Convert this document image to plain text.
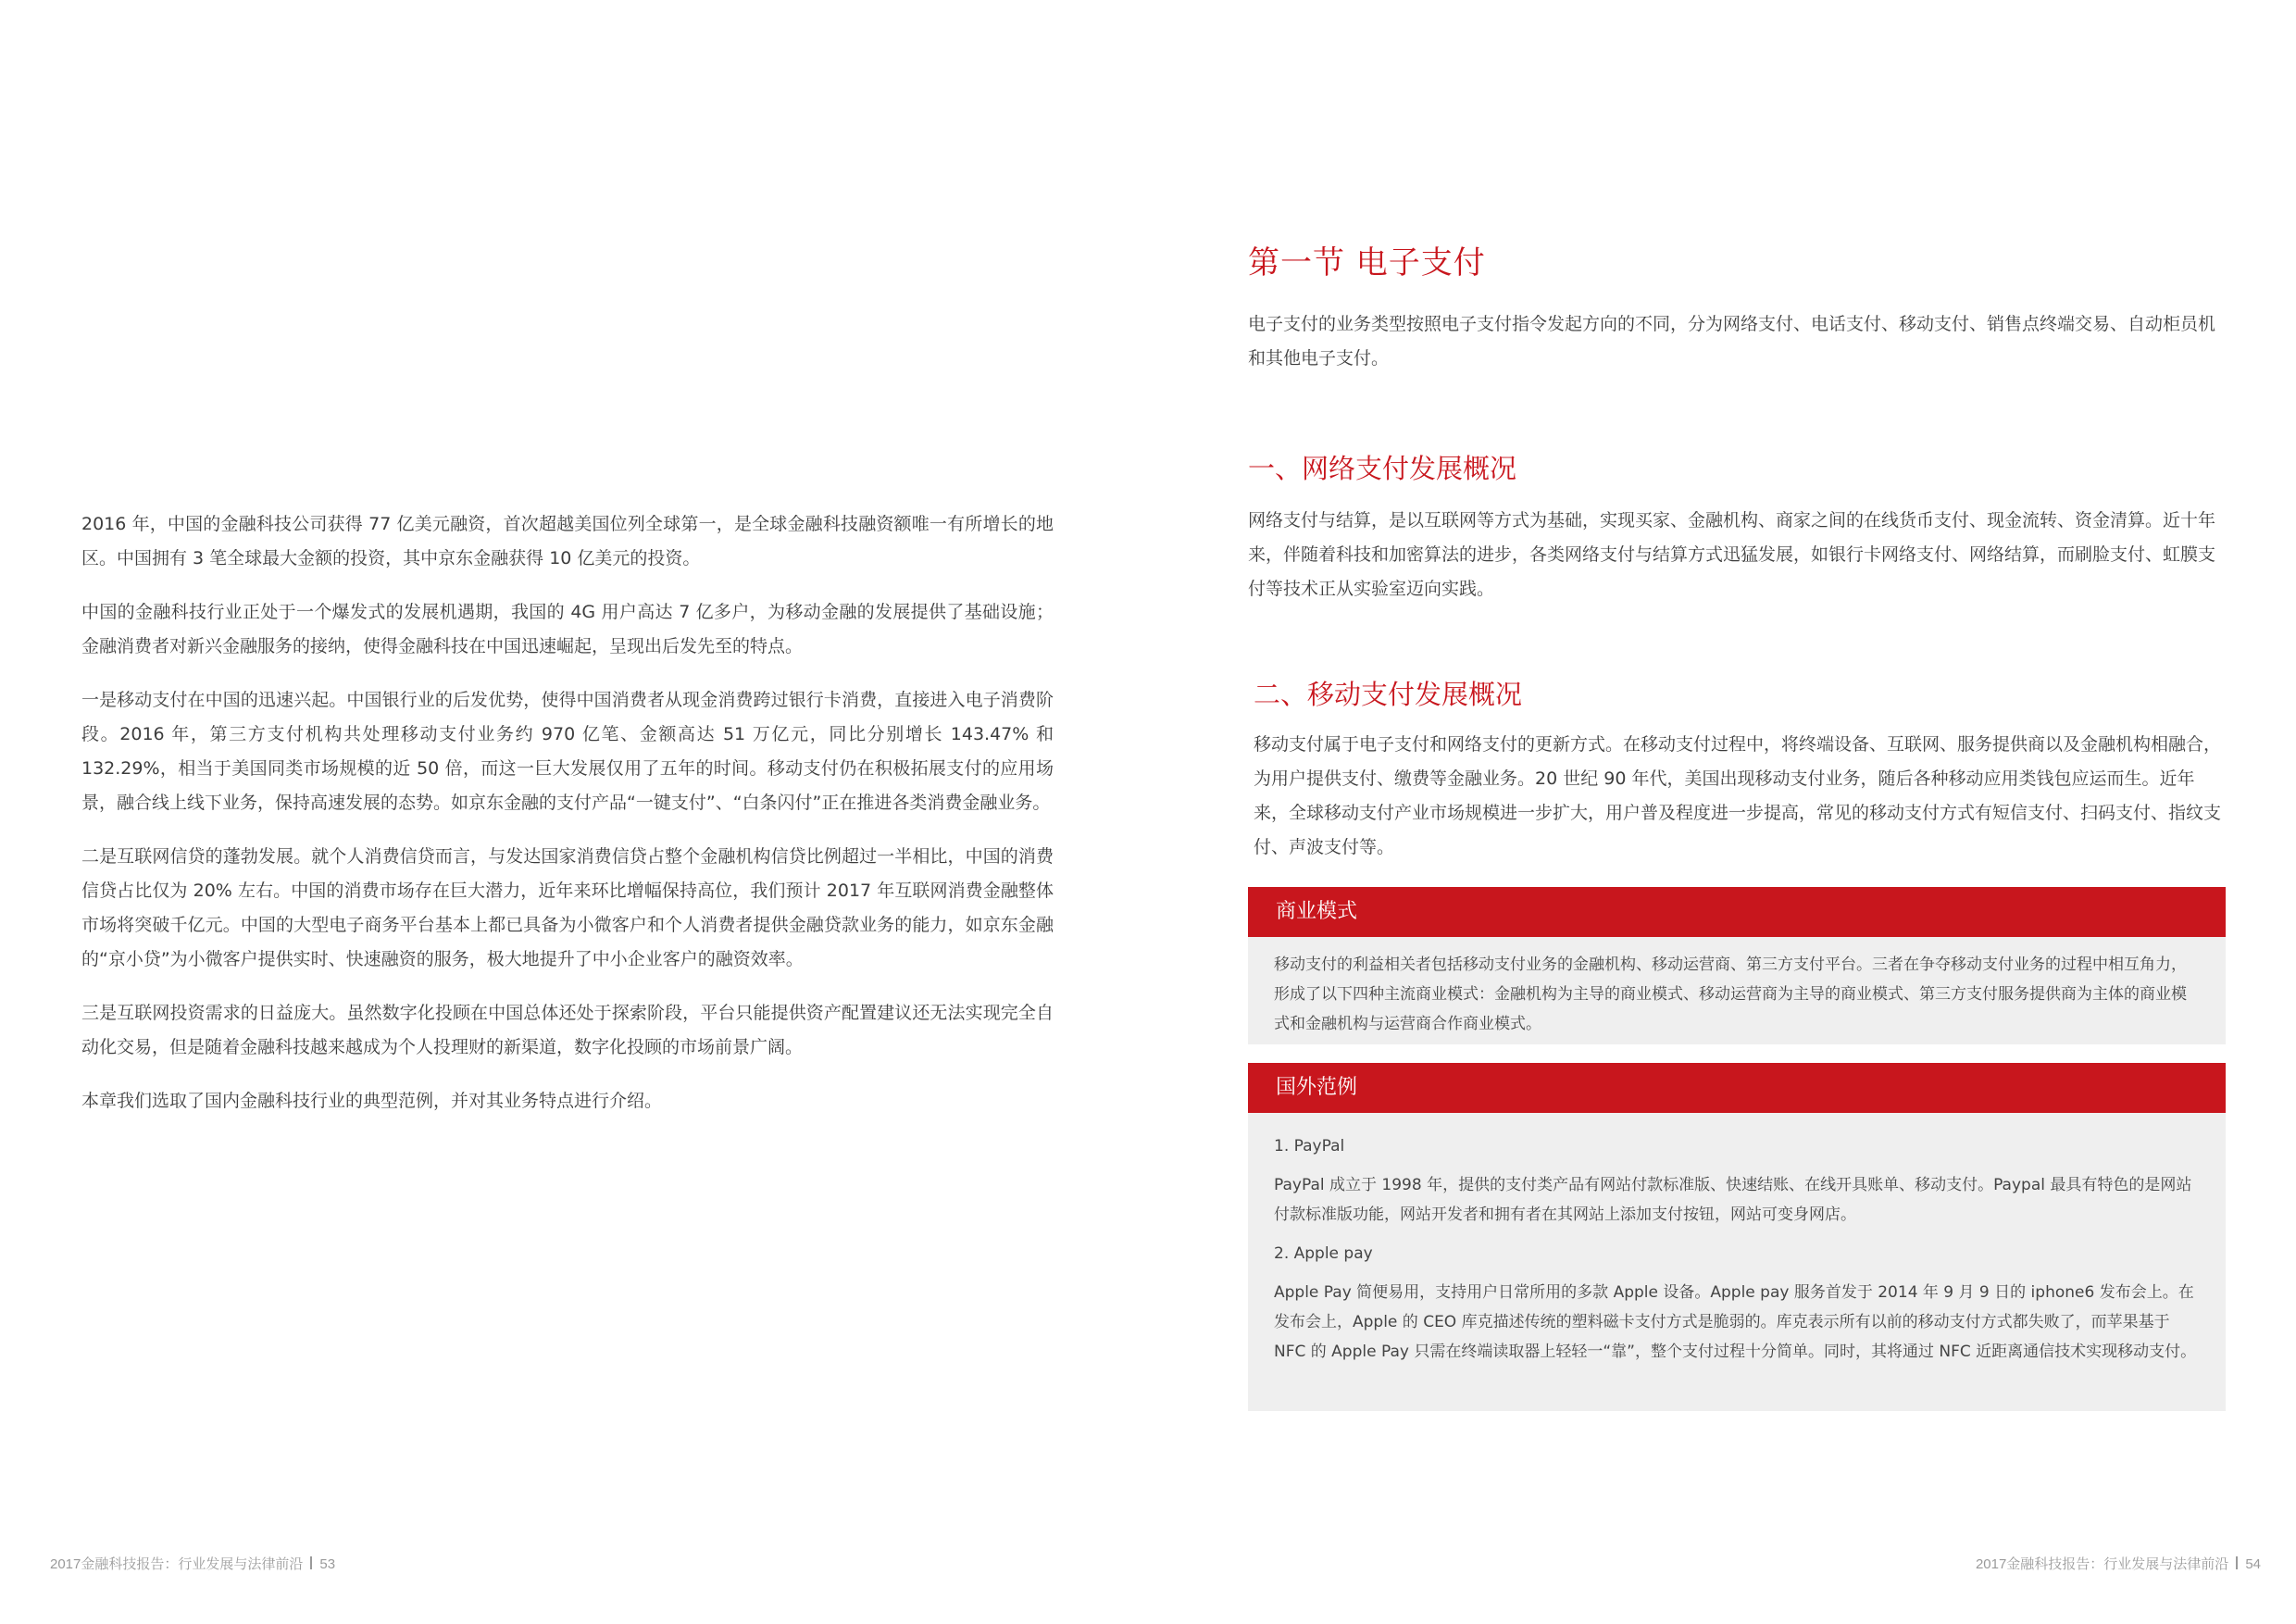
2016 年，中国的金融科技公司获得 77 亿美元融资，首次超越美国位列全球第一，是全球金融科技融资额唯一有所增长的地区。中国拥有 3 笔全球最大金额的投资，其中京东金融获得 10 亿美元的投资。

中国的金融科技行业正处于一个爆发式的发展机遇期，我国的 4G 用户高达 7 亿多户，为移动金融的发展提供了基础设施；金融消费者对新兴金融服务的接纳，使得金融科技在中国迅速崛起，呈现出后发先至的特点。

一是移动支付在中国的迅速兴起。中国银行业的后发优势，使得中国消费者从现金消费跨过银行卡消费，直接进入电子消费阶段。2016 年，第三方支付机构共处理移动支付业务约 970 亿笔、金额高达 51 万亿元，同比分别增长 143.47% 和 132.29%，相当于美国同类市场规模的近 50 倍，而这一巨大发展仅用了五年的时间。移动支付仍在积极拓展支付的应用场景，融合线上线下业务，保持高速发展的态势。如京东金融的支付产品“一键支付”、“白条闪付”正在推进各类消费金融业务。

二是互联网信贷的蓬勃发展。就个人消费信贷而言，与发达国家消费信贷占整个金融机构信贷比例超过一半相比，中国的消费信贷占比仅为 20% 左右。中国的消费市场存在巨大潜力，近年来环比增幅保持高位，我们预计 2017 年互联网消费金融整体市场将突破千亿元。中国的大型电子商务平台基本上都已具备为小微客户和个人消费者提供金融贷款业务的能力，如京东金融的“京小贷”为小微客户提供实时、快速融资的服务，极大地提升了中小企业客户的融资效率。

三是互联网投资需求的日益庞大。虽然数字化投顾在中国总体还处于探索阶段，平台只能提供资产配置建议还无法实现完全自动化交易，但是随着金融科技越来越成为个人投理财的新渠道，数字化投顾的市场前景广阔。

本章我们选取了国内金融科技行业的典型范例，并对其业务特点进行介绍。

2017金融科技报告：行业发展与法律前沿 53
第一节 电子支付

电子支付的业务类型按照电子支付指令发起方向的不同，分为网络支付、电话支付、移动支付、销售点终端交易、自动柜员机和其他电子支付。

一、网络支付发展概况

网络支付与结算，是以互联网等方式为基础，实现买家、金融机构、商家之间的在线货币支付、现金流转、资金清算。近十年来，伴随着科技和加密算法的进步，各类网络支付与结算方式迅猛发展，如银行卡网络支付、网络结算，而刷脸支付、虹膜支付等技术正从实验室迈向实践。

二、移动支付发展概况

移动支付属于电子支付和网络支付的更新方式。在移动支付过程中，将终端设备、互联网、服务提供商以及金融机构相融合，为用户提供支付、缴费等金融业务。20 世纪 90 年代，美国出现移动支付业务，随后各种移动应用类钱包应运而生。近年来，全球移动支付产业市场规模进一步扩大，用户普及程度进一步提高，常见的移动支付方式有短信支付、扫码支付、指纹支付、声波支付等。

商业模式

移动支付的利益相关者包括移动支付业务的金融机构、移动运营商、第三方支付平台。三者在争夺移动支付业务的过程中相互角力，形成了以下四种主流商业模式：金融机构为主导的商业模式、移动运营商为主导的商业模式、第三方支付服务提供商为主体的商业模式和金融机构与运营商合作商业模式。

国外范例

1. PayPal

PayPal 成立于 1998 年，提供的支付类产品有网站付款标准版、快速结账、在线开具账单、移动支付。Paypal 最具有特色的是网站付款标准版功能，网站开发者和拥有者在其网站上添加支付按钮，网站可变身网店。

2. Apple pay

Apple Pay 简便易用，支持用户日常所用的多款 Apple 设备。Apple pay 服务首发于 2014 年 9 月 9 日的 iphone6 发布会上。在发布会上，Apple 的 CEO 库克描述传统的塑料磁卡支付方式是脆弱的。库克表示所有以前的移动支付方式都失败了，而苹果基于 NFC 的 Apple Pay 只需在终端读取器上轻轻一“靠”，整个支付过程十分简单。同时，其将通过 NFC 近距离通信技术实现移动支付。

2017金融科技报告：行业发展与法律前沿 54
